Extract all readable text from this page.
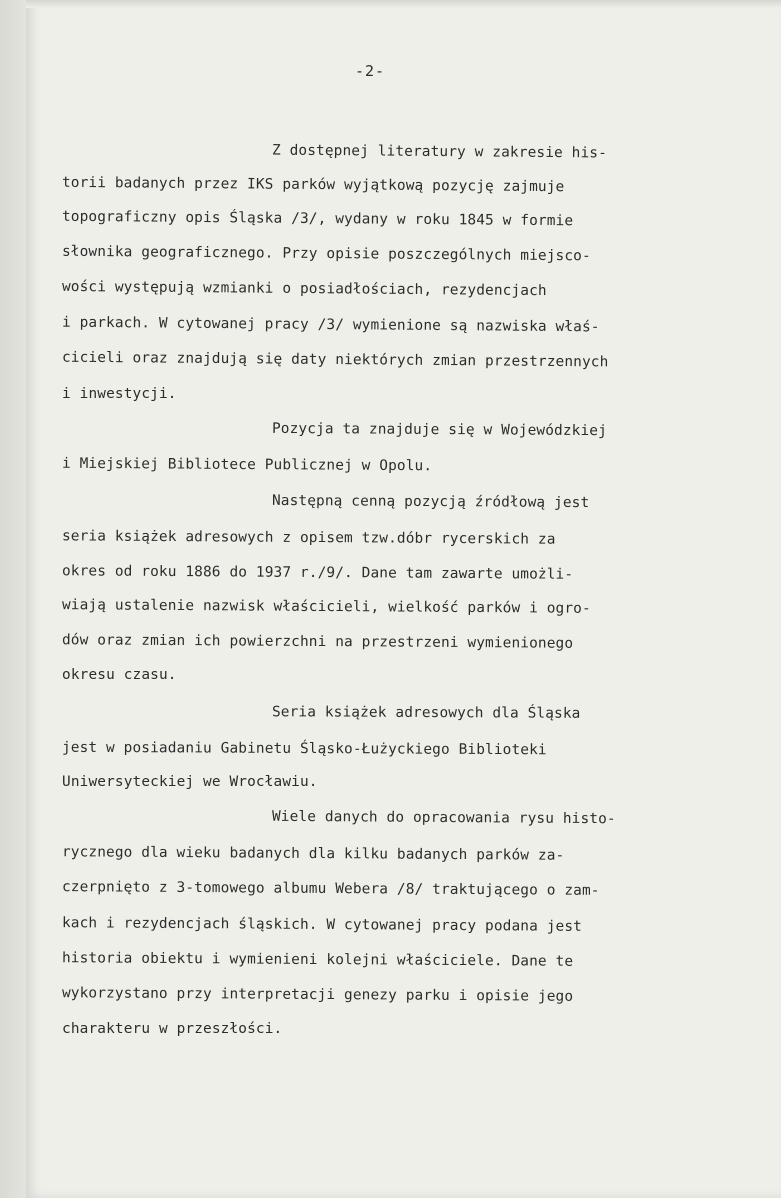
-2-
Z dostępnej literatury w zakresie his-
torii badanych przez IKS parków wyjątkową pozycję zajmuje
topograficzny opis Śląska /3/, wydany w roku 1845 w formie
słownika geograficznego. Przy opisie poszczególnych miejsco-
wości występują wzmianki o posiadłościach, rezydencjach
i parkach. W cytowanej pracy /3/ wymienione są nazwiska właś-
cicieli oraz znajdują się daty niektórych zmian przestrzennych
i inwestycji.
Pozycja ta znajduje się w Wojewódzkiej
i Miejskiej Bibliotece Publicznej w Opolu.
Następną cenną pozycją źródłową jest
seria książek adresowych z opisem tzw.dóbr rycerskich za
okres od roku 1886 do 1937 r./9/. Dane tam zawarte umożli-
wiają ustalenie nazwisk właścicieli, wielkość parków i ogro-
dów oraz zmian ich powierzchni na przestrzeni wymienionego
okresu czasu.
Seria książek adresowych dla Śląska
jest w posiadaniu Gabinetu Śląsko-Łużyckiego Biblioteki
Uniwersyteckiej we Wrocławiu.
Wiele danych do opracowania rysu histo-
rycznego dla wieku badanych dla kilku badanych parków za-
czerpnięto z 3-tomowego albumu Webera /8/ traktującego o zam-
kach i rezydencjach śląskich. W cytowanej pracy podana jest
historia obiektu i wymienieni kolejni właściciele. Dane te
wykorzystano przy interpretacji genezy parku i opisie jego
charakteru w przeszłości.
